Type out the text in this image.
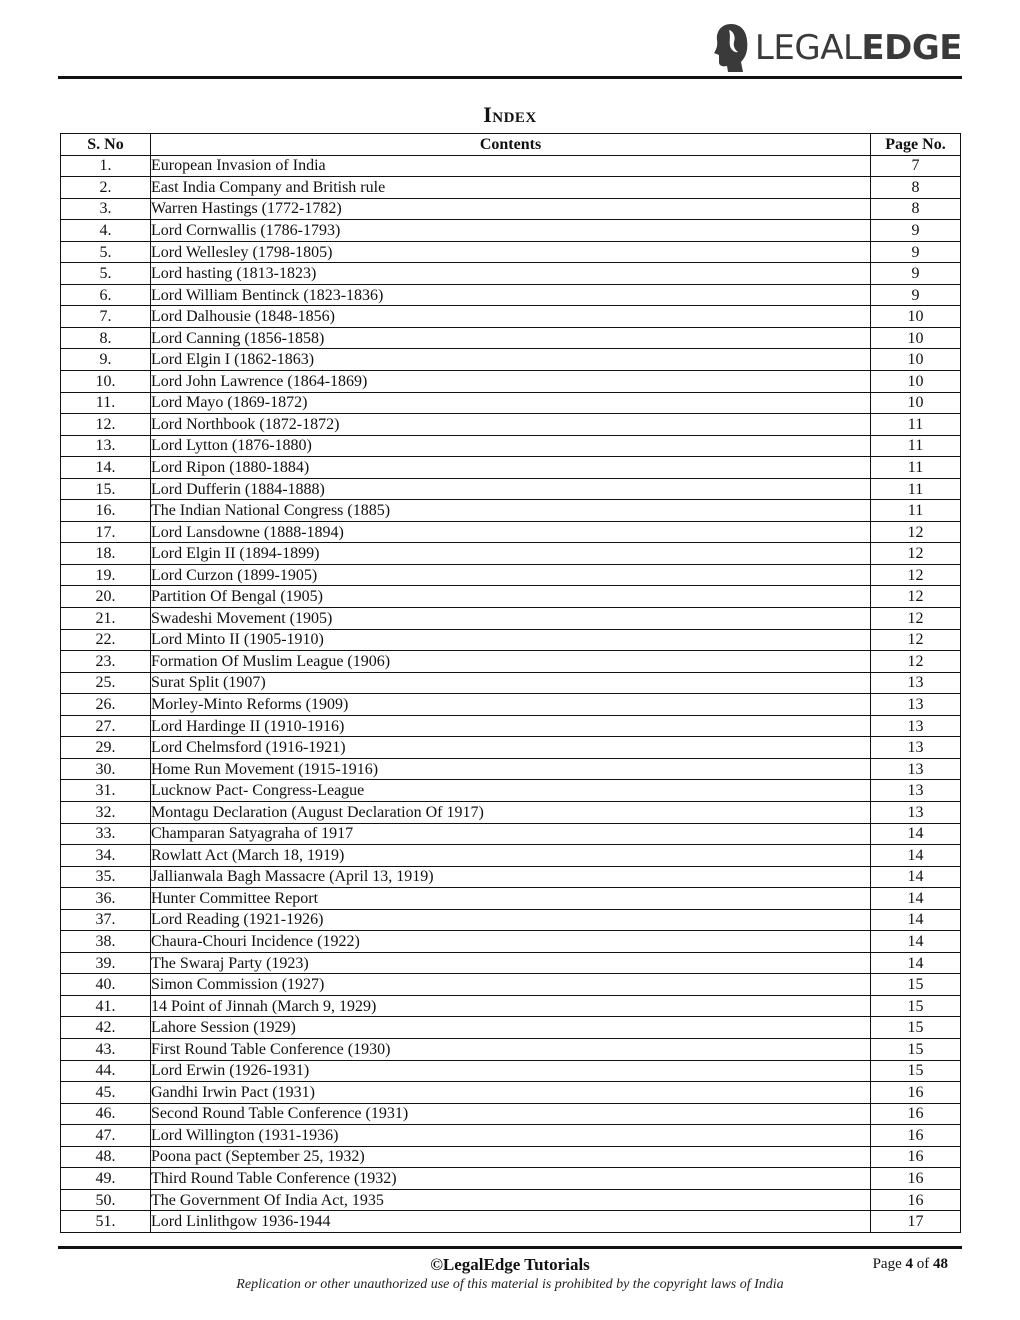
LEGALEDGE
Index
S. No	Contents	Page No.
1.	European Invasion of India	7
2.	East India Company and British rule	8
3.	Warren Hastings (1772-1782)	8
4.	Lord Cornwallis (1786-1793)	9
5.	Lord Wellesley (1798-1805)	9
5.	Lord hasting (1813-1823)	9
6.	Lord William Bentinck (1823-1836)	9
7.	Lord Dalhousie (1848-1856)	10
8.	Lord Canning (1856-1858)	10
9.	Lord Elgin I (1862-1863)	10
10.	Lord John Lawrence (1864-1869)	10
11.	Lord Mayo (1869-1872)	10
12.	Lord Northbook (1872-1872)	11
13.	Lord Lytton (1876-1880)	11
14.	Lord Ripon (1880-1884)	11
15.	Lord Dufferin (1884-1888)	11
16.	The Indian National Congress (1885)	11
17.	Lord Lansdowne (1888-1894)	12
18.	Lord Elgin II (1894-1899)	12
19.	Lord Curzon (1899-1905)	12
20.	Partition Of Bengal (1905)	12
21.	Swadeshi Movement (1905)	12
22.	Lord Minto II (1905-1910)	12
23.	Formation Of Muslim League (1906)	12
25.	Surat Split (1907)	13
26.	Morley-Minto Reforms (1909)	13
27.	Lord Hardinge II (1910-1916)	13
29.	Lord Chelmsford (1916-1921)	13
30.	Home Run Movement (1915-1916)	13
31.	Lucknow Pact- Congress-League	13
32.	Montagu Declaration (August Declaration Of 1917)	13
33.	Champaran Satyagraha of 1917	14
34.	Rowlatt Act (March 18, 1919)	14
35.	Jallianwala Bagh Massacre (April 13, 1919)	14
36.	Hunter Committee Report	14
37.	Lord Reading (1921-1926)	14
38.	Chaura-Chouri Incidence (1922)	14
39.	The Swaraj Party (1923)	14
40.	Simon Commission (1927)	15
41.	14 Point of Jinnah (March 9, 1929)	15
42.	Lahore Session (1929)	15
43.	First Round Table Conference (1930)	15
44.	Lord Erwin (1926-1931)	15
45.	Gandhi Irwin Pact (1931)	16
46.	Second Round Table Conference (1931)	16
47.	Lord Willington (1931-1936)	16
48.	Poona pact (September 25, 1932)	16
49.	Third Round Table Conference (1932)	16
50.	The Government Of India Act, 1935	16
51.	Lord Linlithgow 1936-1944	17
©LegalEdge Tutorials	Page 4 of 48
Replication or other unauthorized use of this material is prohibited by the copyright laws of India
